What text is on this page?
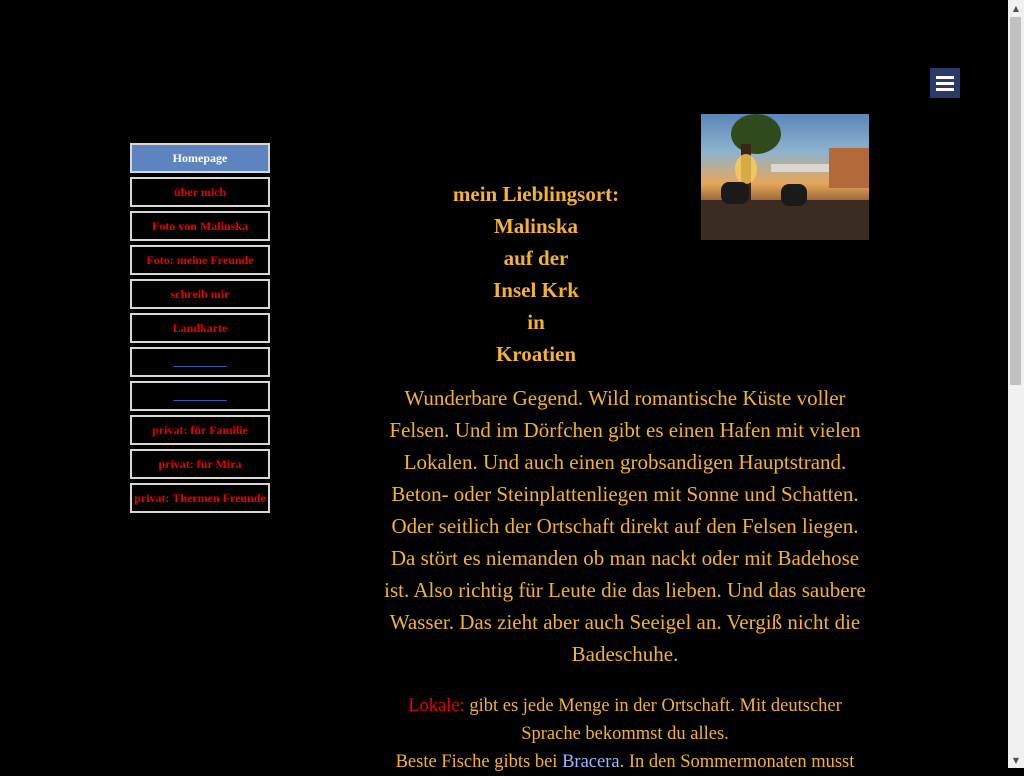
▲
▼
Homepage
über mich
Foto von Malinska
Foto: meine Freunde
schreib mir
Landkarte
privat: für Familie
privat: für Mira
privat: Thermen Freunde
mein Lieblingsort:
Malinska
auf der
Insel Krk
in
Kroatien
Wunderbare Gegend. Wild romantische Küste voller Felsen. Und im Dörfchen gibt es einen Hafen mit vielen Lokalen. Und auch einen grobsandigen Hauptstrand. Beton- oder Steinplattenliegen mit Sonne und Schatten. Oder seitlich der Ortschaft direkt auf den Felsen liegen. Da stört es niemanden ob man nackt oder mit Badehose ist. Also richtig für Leute die das lieben. Und das saubere Wasser. Das zieht aber auch Seeigel an. Vergiß nicht die Badeschuhe.
Lokale: gibt es jede Menge in der Ortschaft. Mit deutscher Sprache bekommst du alles.
Beste Fische gibts bei Bracera. In den Sommermonaten musst
